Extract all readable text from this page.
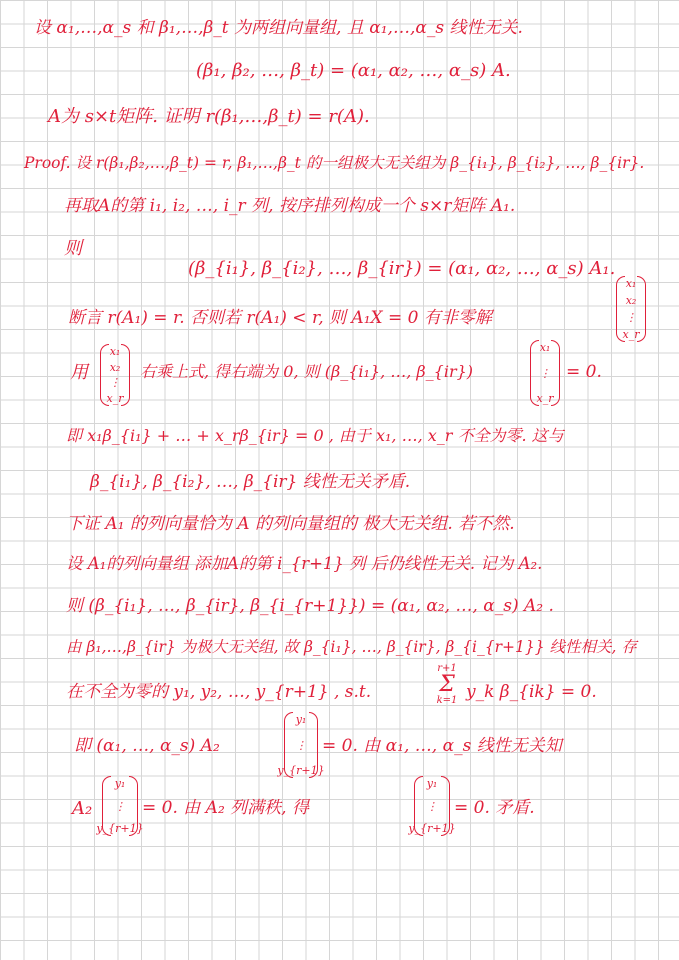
设 α₁,…,α_s 和 β₁,…,β_t 为两组向量组, 且 α₁,…,α_s 线性无关.
(β₁, β₂, …, β_t) = (α₁, α₂, …, α_s) A.
A为 s×t矩阵. 证明 r(β₁,…,β_t) = r(A).
Proof. 设 r(β₁,β₂,…,β_t) = r, β₁,…,β_t 的一组极大无关组为 β_{i₁}, β_{i₂}, …, β_{ir}.
再取A的第 i₁, i₂, …, i_r 列, 按序排列构成一个 s×r矩阵 A₁.
则
(β_{i₁}, β_{i₂}, …, β_{ir}) = (α₁, α₂, …, α_s) A₁.
断言 r(A₁) = r. 否则若 r(A₁) < r, 则 A₁X = 0 有非零解
x₁
x₂
⋮
x_r
用
x₁
x₂
⋮
x_r
右乘上式, 得右端为 0, 则 (β_{i₁}, …, β_{ir})
x₁
⋮
x_r
= 0.
即 x₁β_{i₁} + … + x_rβ_{ir} = 0 , 由于 x₁, …, x_r 不全为零. 这与
β_{i₁}, β_{i₂}, …, β_{ir} 线性无关矛盾.
下证 A₁ 的列向量恰为 A 的列向量组的 极大无关组. 若不然.
设 A₁的列向量组 添加A的第 i_{r+1} 列 后仍线性无关. 记为 A₂.
则 (β_{i₁}, …, β_{ir}, β_{i_{r+1}}) = (α₁, α₂, …, α_s) A₂ .
由 β₁,…,β_{ir} 为极大无关组, 故 β_{i₁}, …, β_{ir}, β_{i_{r+1}} 线性相关, 存
在不全为零的 y₁, y₂, …, y_{r+1} , s.t.
r+1
Σ
k=1 y_k β_{ik} = 0.
即 (α₁, …, α_s) A₂
y₁
⋮
y_{r+1}
= 0. 由 α₁, …, α_s 线性无关知
A₂
y₁
⋮
y_{r+1}
= 0. 由 A₂ 列满秩, 得
y₁
⋮
y_{r+1}
= 0. 矛盾.
